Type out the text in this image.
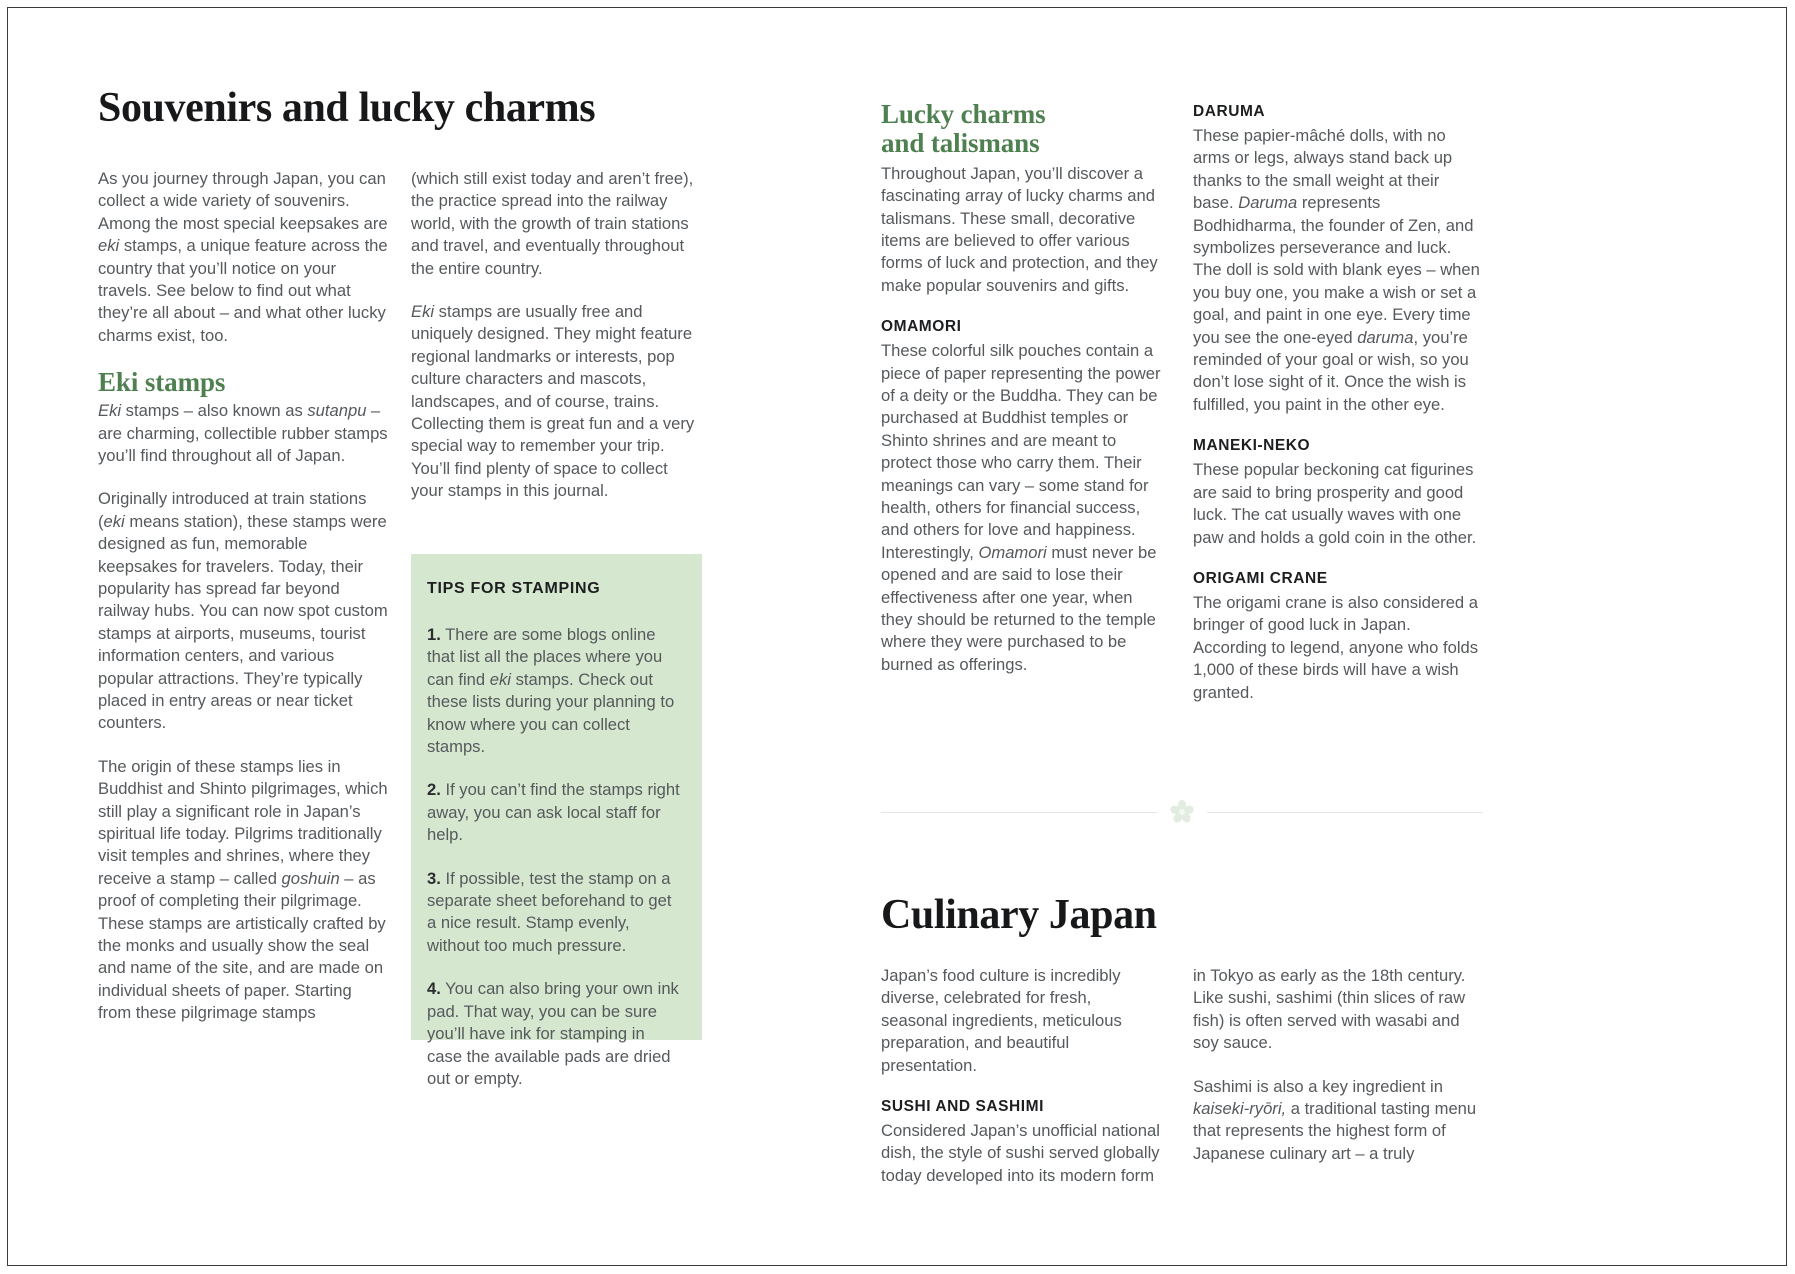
Souvenirs and lucky charms

As you journey through Japan, you can collect a wide variety of souvenirs. Among the most special keepsakes are eki stamps, a unique feature across the country that you’ll notice on your travels. See below to find out what they’re all about – and what other lucky charms exist, too.

Eki stamps

Eki stamps – also known as sutanpu – are charming, collectible rubber stamps you’ll find throughout all of Japan.

Originally introduced at train stations (eki means station), these stamps were designed as fun, memorable keepsakes for travelers. Today, their popularity has spread far beyond railway hubs. You can now spot custom stamps at airports, museums, tourist information centers, and various popular attractions. They’re typically placed in entry areas or near ticket counters.

The origin of these stamps lies in Buddhist and Shinto pilgrimages, which still play a significant role in Japan’s spiritual life today. Pilgrims traditionally visit temples and shrines, where they receive a stamp – called goshuin – as proof of completing their pilgrimage. These stamps are artistically crafted by the monks and usually show the seal and name of the site, and are made on individual sheets of paper. Starting from these pilgrimage stamps

(which still exist today and aren’t free), the practice spread into the railway world, with the growth of train stations and travel, and eventually throughout the entire country.

Eki stamps are usually free and uniquely designed. They might feature regional landmarks or interests, pop culture characters and mascots, landscapes, and of course, trains. Collecting them is great fun and a very special way to remember your trip. You’ll find plenty of space to collect your stamps in this journal.

TIPS FOR STAMPING
1. There are some blogs online that list all the places where you can find eki stamps. Check out these lists during your planning to know where you can collect stamps.
2. If you can’t find the stamps right away, you can ask local staff for help.
3. If possible, test the stamp on a separate sheet beforehand to get a nice result. Stamp evenly, without too much pressure.
4. You can also bring your own ink pad. That way, you can be sure you’ll have ink for stamping in case the available pads are dried out or empty.
Lucky charms
and talismans

Throughout Japan, you’ll discover a fascinating array of lucky charms and talismans. These small, decorative items are believed to offer various forms of luck and protection, and they make popular souvenirs and gifts.

OMAMORI

These colorful silk pouches contain a piece of paper representing the power of a deity or the Buddha. They can be purchased at Buddhist temples or Shinto shrines and are meant to protect those who carry them. Their meanings can vary – some stand for health, others for financial success, and others for love and happiness. Interestingly, Omamori must never be opened and are said to lose their effectiveness after one year, when they should be returned to the temple where they were purchased to be burned as offerings.

DARUMA

These papier-mâché dolls, with no arms or legs, always stand back up thanks to the small weight at their base. Daruma represents Bodhidharma, the founder of Zen, and symbolizes perseverance and luck. The doll is sold with blank eyes – when you buy one, you make a wish or set a goal, and paint in one eye. Every time you see the one-eyed daruma, you’re reminded of your goal or wish, so you don’t lose sight of it. Once the wish is fulfilled, you paint in the other eye.

MANEKI-NEKO

These popular beckoning cat figurines are said to bring prosperity and good luck. The cat usually waves with one paw and holds a gold coin in the other.

ORIGAMI CRANE

The origami crane is also considered a bringer of good luck in Japan. According to legend, anyone who folds 1,000 of these birds will have a wish granted.

Culinary Japan

Japan’s food culture is incredibly diverse, celebrated for fresh, seasonal ingredients, meticulous preparation, and beautiful presentation.

SUSHI AND SASHIMI

Considered Japan’s unofficial national dish, the style of sushi served globally today developed into its modern form

in Tokyo as early as the 18th century. Like sushi, sashimi (thin slices of raw fish) is often served with wasabi and soy sauce.

Sashimi is also a key ingredient in kaiseki-ryōri, a traditional tasting menu that represents the highest form of Japanese culinary art – a truly
